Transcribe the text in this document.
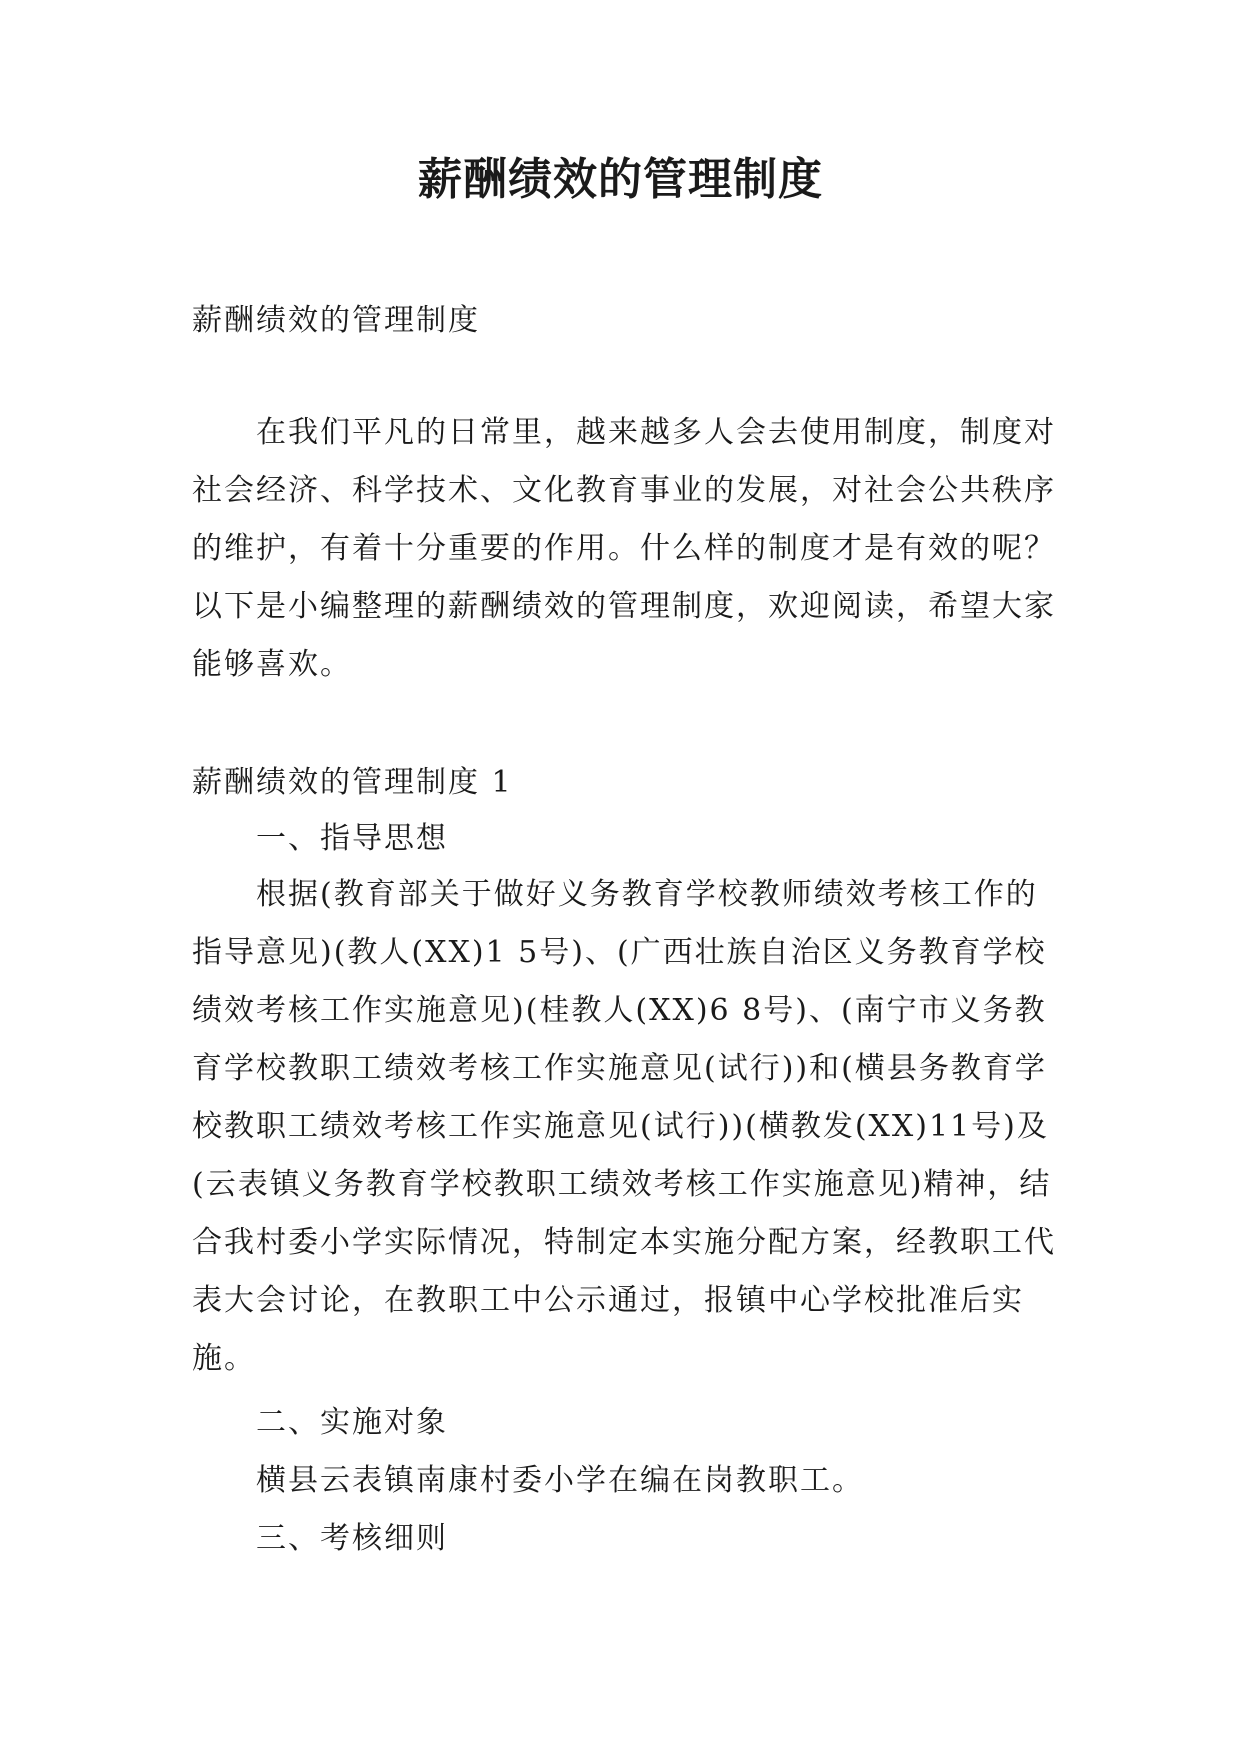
薪酬绩效的管理制度

薪酬绩效的管理制度

在我们平凡的日常里，越来越多人会去使用制度，制度对社会经济、科学技术、文化教育事业的发展，对社会公共秩序的维护，有着十分重要的作用。什么样的制度才是有效的呢？以下是小编整理的薪酬绩效的管理制度，欢迎阅读，希望大家能够喜欢。

薪酬绩效的管理制度 1

一、指导思想

根据(教育部关于做好义务教育学校教师绩效考核工作的指导意见)(教人(XX)1 5号)、(广西壮族自治区义务教育学校绩效考核工作实施意见)(桂教人(XX)6 8号)、(南宁市义务教育学校教职工绩效考核工作实施意见(试行))和(横县务教育学校教职工绩效考核工作实施意见(试行))(横教发(XX)11号)及(云表镇义务教育学校教职工绩效考核工作实施意见)精神，结合我村委小学实际情况，特制定本实施分配方案，经教职工代表大会讨论，在教职工中公示通过，报镇中心学校批准后实施。

二、实施对象

横县云表镇南康村委小学在编在岗教职工。

三、考核细则
